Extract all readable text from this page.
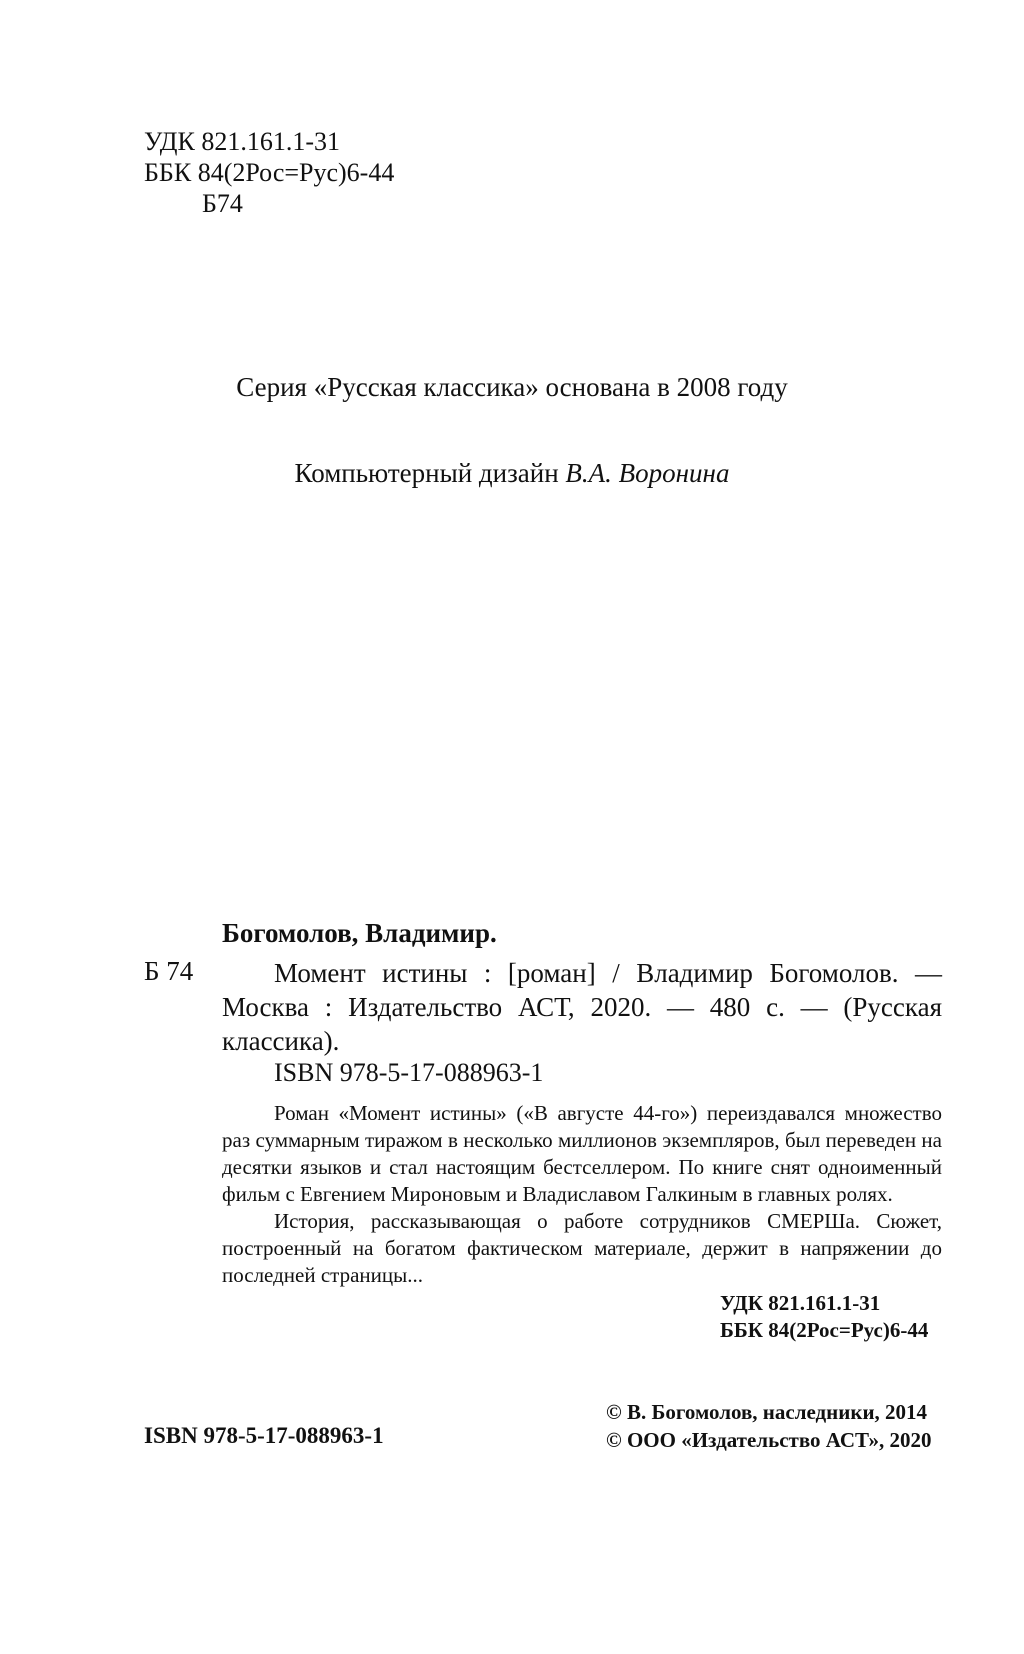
УДК 821.161.1-31
ББК 84(2Рос=Рус)6-44
Б74
Серия «Русская классика» основана в 2008 году
Компьютерный дизайн В.А. Воронина
Богомолов, Владимир.
Б 74	Момент истины : [роман] / Владимир Богомолов. — Москва : Издательство АСТ, 2020. — 480 с. — (Русская классика).
ISBN 978-5-17-088963-1

Роман «Момент истины» («В августе 44-го») переиздавался множество раз суммарным тиражом в несколько миллионов экземпляров, был переведен на десятки языков и стал настоящим бестселлером. По книге снят одноименный фильм с Евгением Мироновым и Владиславом Галкиным в главных ролях.

История, рассказывающая о работе сотрудников СМЕРШа. Сюжет, построенный на богатом фактическом материале, держит в напряжении до последней страницы...

УДК 821.161.1-31
ББК 84(2Рос=Рус)6-44
© В. Богомолов, наследники, 2014
© ООО «Издательство АСТ», 2020
ISBN 978-5-17-088963-1
